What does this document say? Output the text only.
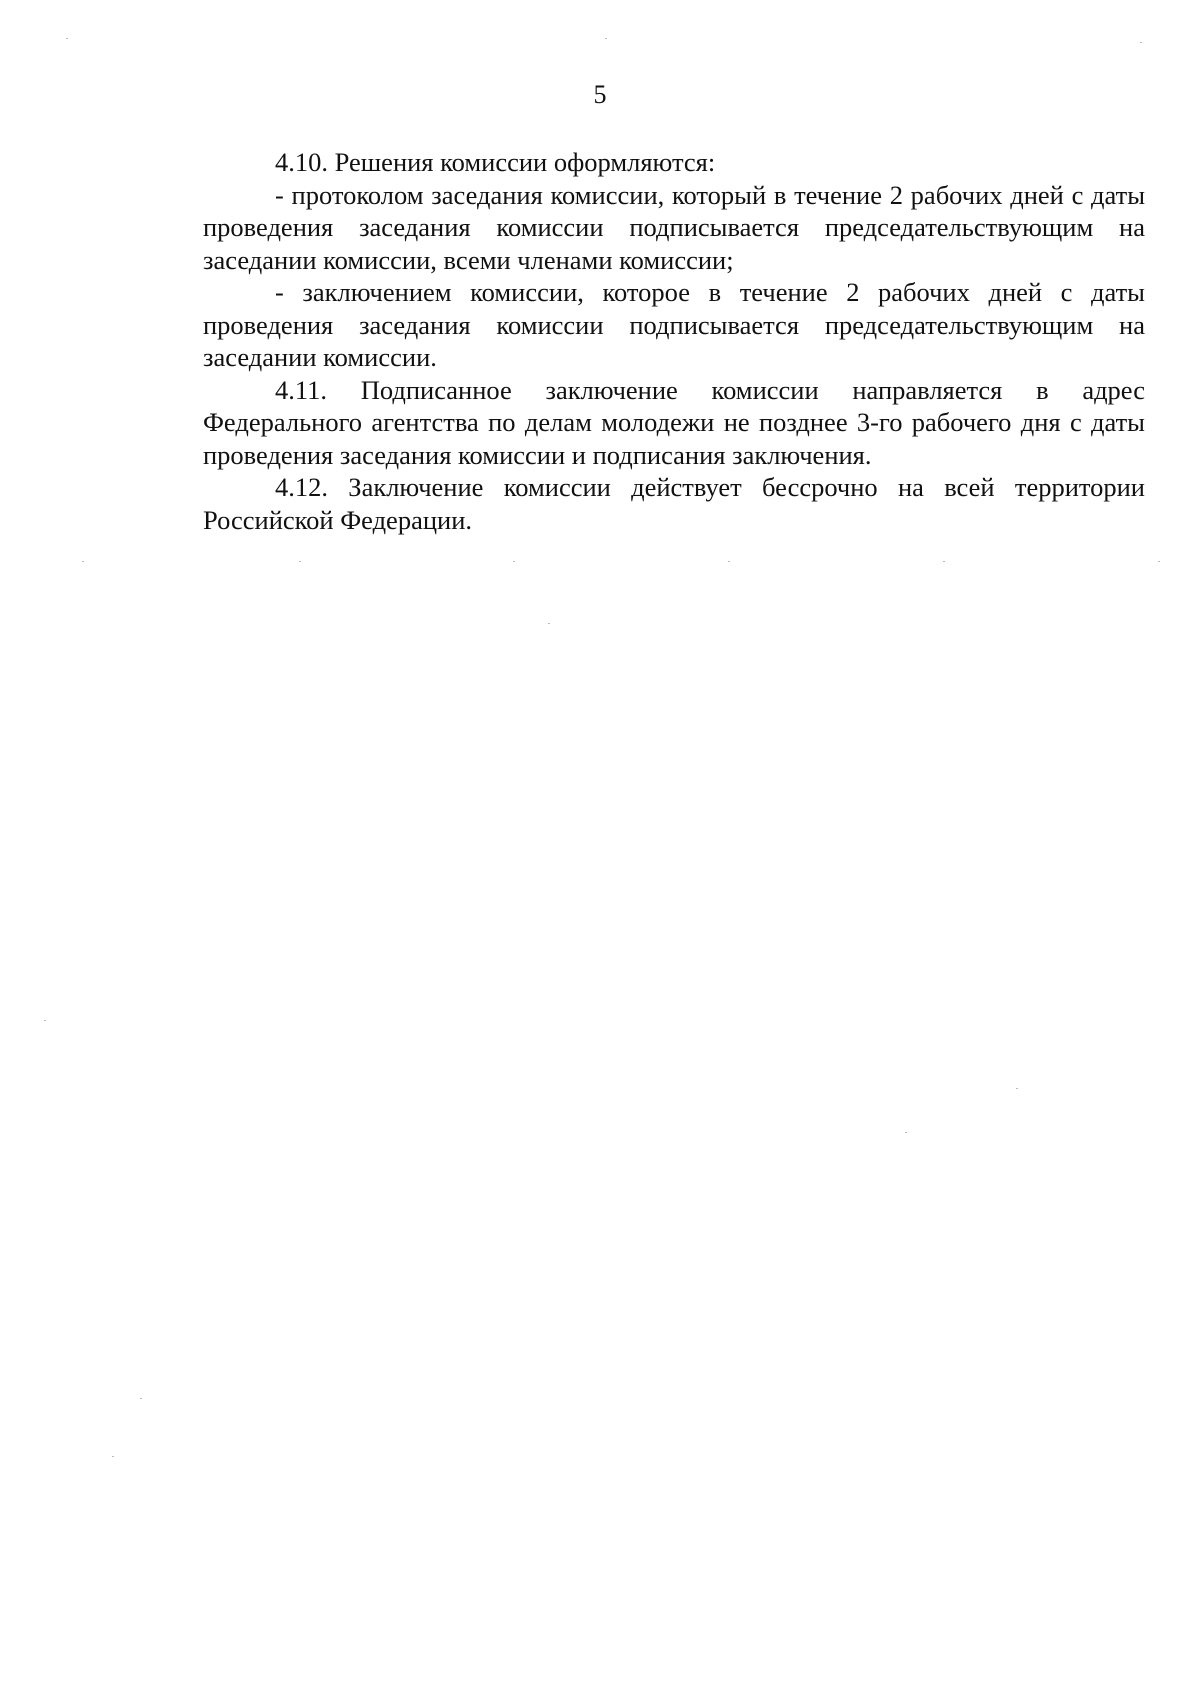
5

4.10. Решения комиссии оформляются:

- протоколом заседания комиссии, который в течение 2 рабочих дней с даты проведения заседания комиссии подписывается председательствующим на заседании комиссии, всеми членами комиссии;

- заключением комиссии, которое в течение 2 рабочих дней с даты проведения заседания комиссии подписывается председательствующим на заседании комиссии.

4.11. Подписанное заключение комиссии направляется в адрес Федерального агентства по делам молодежи не позднее 3-го рабочего дня с даты проведения заседания комиссии и подписания заключения.

4.12. Заключение комиссии действует бессрочно на всей территории Российской Федерации.
